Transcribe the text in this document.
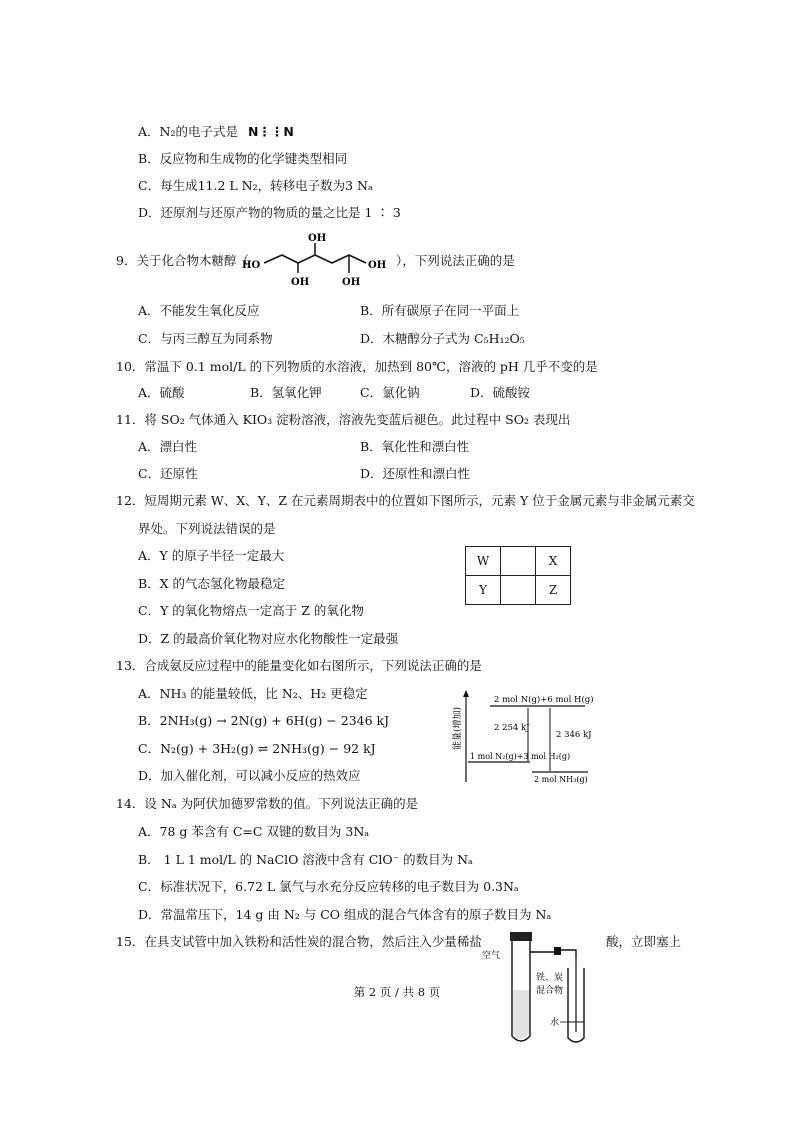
A．N₂的电子式是 N⋮⋮N
B．反应物和生成物的化学键类型相同
C．每生成11.2 L N₂，转移电子数为3 Nₐ
D．还原剂与还原产物的物质的量之比是 1 ∶ 3
9．关于化合物木糖醇（
OH
HO
OH	OH
OH ），下列说法正确的是
A．不能发生氧化反应	B．所有碳原子在同一平面上
C．与丙三醇互为同系物	D．木糖醇分子式为 C₅H₁₂O₅
10．常温下 0.1 mol/L 的下列物质的水溶液，加热到 80℃，溶液的 pH 几乎不变的是
A．硫酸	B．氢氧化钾	C．氯化钠	D．硫酸铵
11．将 SO₂ 气体通入 KIO₃ 淀粉溶液，溶液先变蓝后褪色。此过程中 SO₂ 表现出
A．漂白性	B．氧化性和漂白性
C．还原性	D．还原性和漂白性
12．短周期元素 W、X、Y、Z 在元素周期表中的位置如下图所示，元素 Y 位于金属元素与非金属元素交
界处。下列说法错误的是
A．Y 的原子半径一定最大
B．X 的气态氢化物最稳定
C．Y 的氧化物熔点一定高于 Z 的氧化物
D．Z 的最高价氧化物对应水化物酸性一定最强
W		X
Y		Z
13．合成氨反应过程中的能量变化如右图所示，下列说法正确的是
A．NH₃ 的能量较低，比 N₂、H₂ 更稳定
B．2NH₃(g) → 2N(g) + 6H(g) − 2346 kJ
C．N₂(g) + 3H₂(g) ⇌ 2NH₃(g) − 92 kJ
D．加入催化剂，可以减小反应的热效应
能量(增加)
2 mol N(g)+6 mol H(g)
1 mol N₂(g)+3 mol H₂(g)
2 mol NH₃(g)
2 254 kJ
2 346 kJ
14．设 Nₐ 为阿伏加德罗常数的值。下列说法正确的是
A．78 g 苯含有 C=C 双键的数目为 3Nₐ
B． 1 L 1 mol/L 的 NaClO 溶液中含有 ClO⁻ 的数目为 Nₐ
C．标准状况下，6.72 L 氯气与水充分反应转移的电子数目为 0.3Nₐ
D．常温常压下，14 g 由 N₂ 与 CO 组成的混合气体含有的原子数目为 Nₐ
15．在具支试管中加入铁粉和活性炭的混合物，然后注入少量稀盐	酸，立即塞上
空气
铁、炭
混合物
水
第 2 页 / 共 8 页
